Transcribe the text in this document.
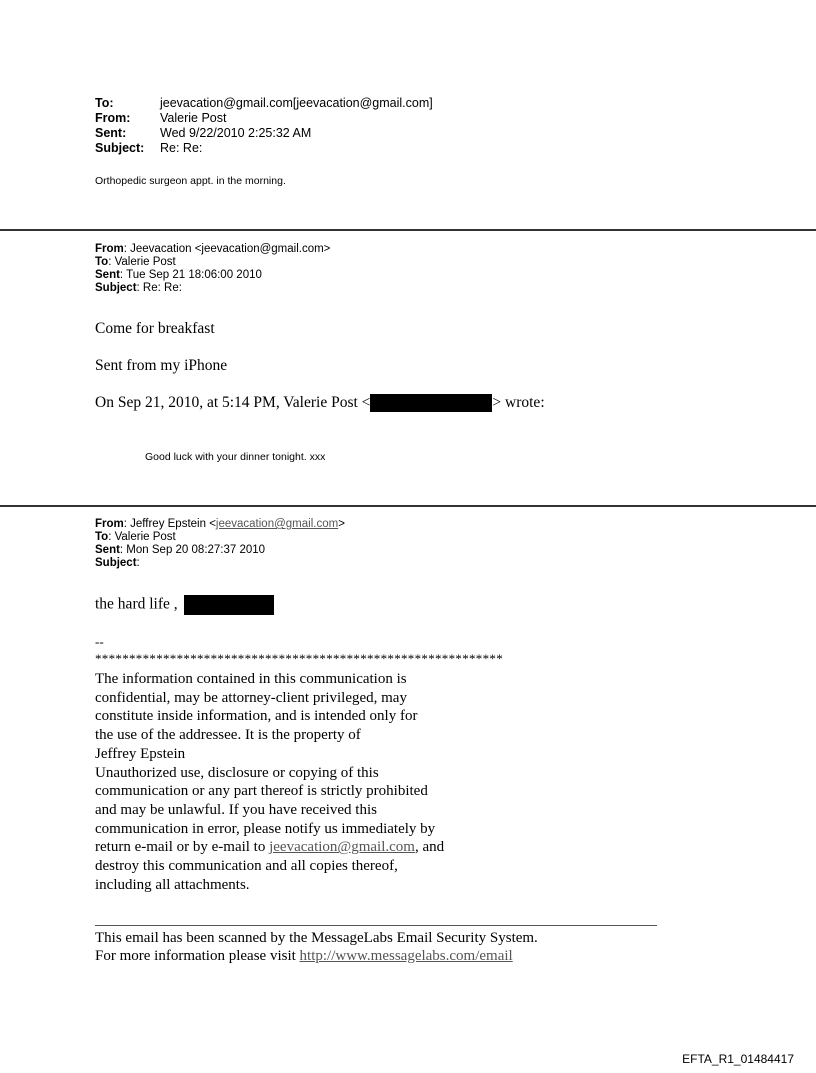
To:	jeevacation@gmail.com[jeevacation@gmail.com]
From:	Valerie Post
Sent:	Wed 9/22/2010 2:25:32 AM
Subject:	Re: Re:
Orthopedic surgeon appt. in the morning.
From: Jeevacation <jeevacation@gmail.com>
To: Valerie Post
Sent: Tue Sep 21 18:06:00 2010
Subject: Re: Re:
Come for breakfast
Sent from my iPhone
On Sep 21, 2010, at 5:14 PM, Valerie Post <	> wrote:
Good luck with your dinner tonight. xxx
From: Jeffrey Epstein <jeevacation@gmail.com>
To: Valerie Post
Sent: Mon Sep 20 08:27:37 2010
Subject:
the hard life ,
--
************************************************************
The information contained in this communication is
confidential, may be attorney-client privileged, may
constitute inside information, and is intended only for
the use of the addressee. It is the property of
Jeffrey Epstein
Unauthorized use, disclosure or copying of this
communication or any part thereof is strictly prohibited
and may be unlawful. If you have received this
communication in error, please notify us immediately by
return e-mail or by e-mail to jeevacation@gmail.com, and
destroy this communication and all copies thereof,
including all attachments.
This email has been scanned by the MessageLabs Email Security System.
For more information please visit http://www.messagelabs.com/email
EFTA_R1_01484417
